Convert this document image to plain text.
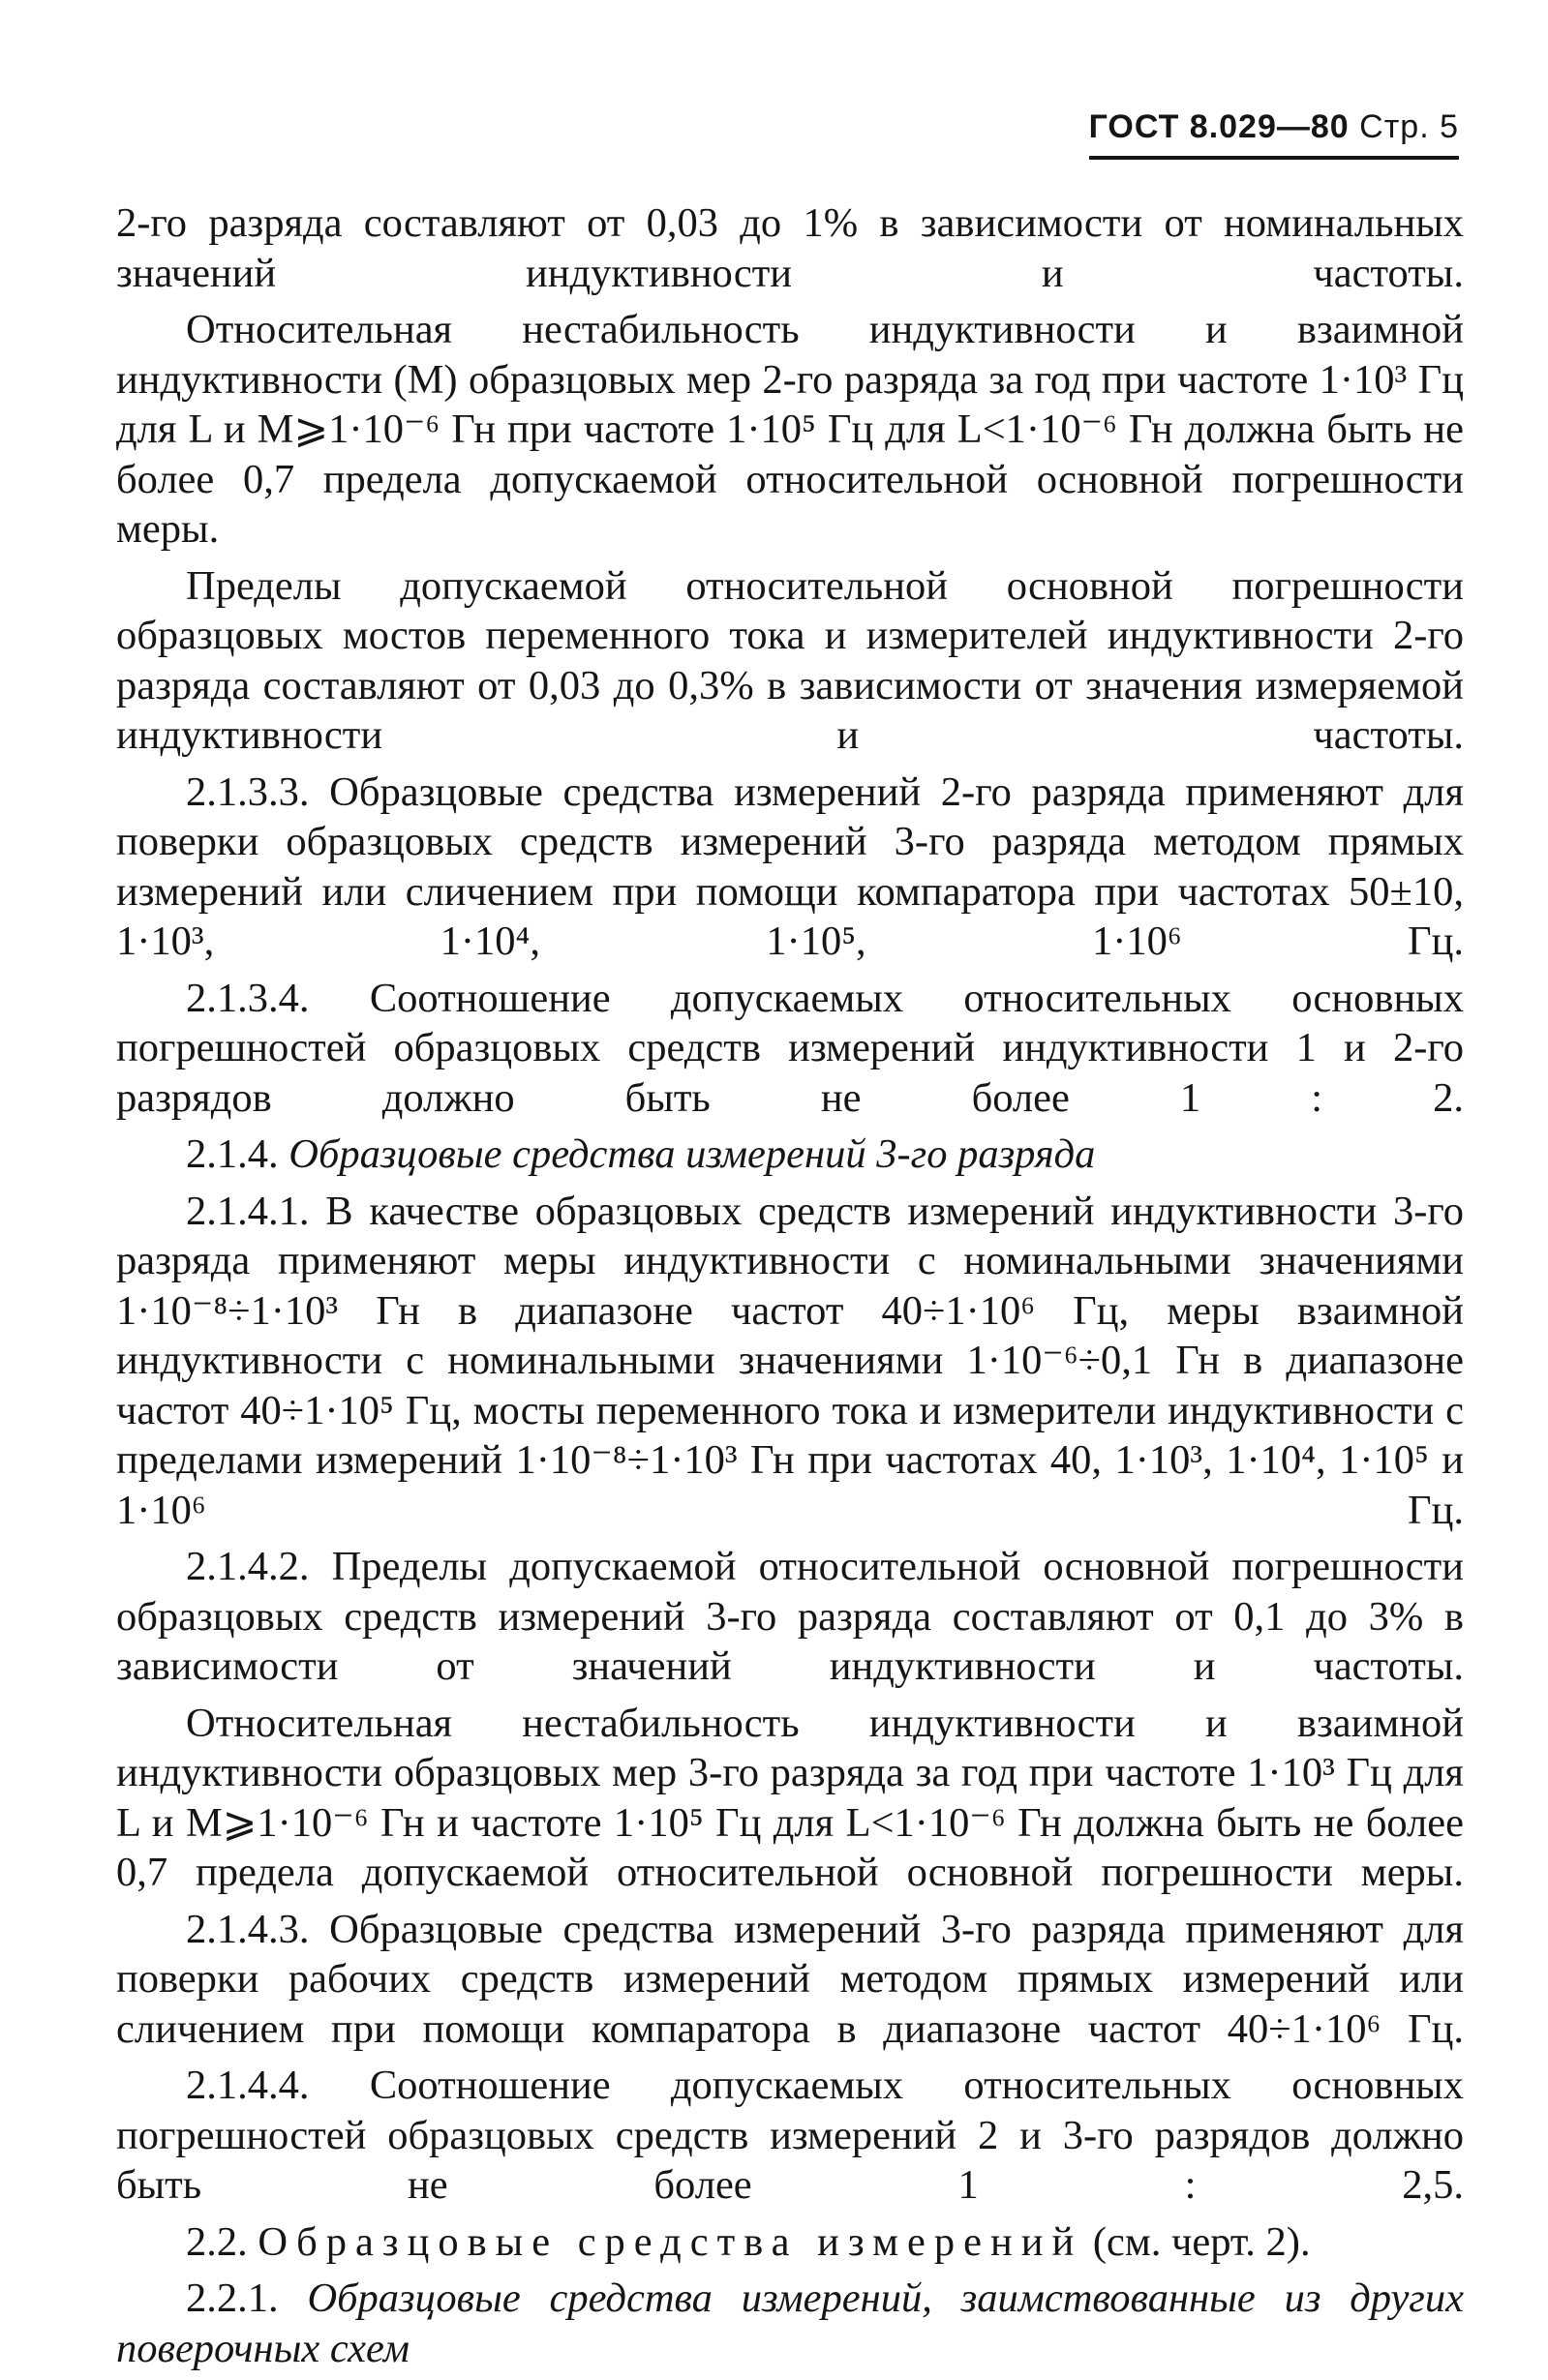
ГОСТ 8.029—80 Стр. 5

2-го разряда составляют от 0,03 до 1% в зависимости от номинальных значений индуктивности и частоты.

Относительная нестабильность индуктивности и взаимной индуктивности (М) образцовых мер 2-го разряда за год при частоте 1·10³ Гц для L и M⩾1·10⁻⁶ Гн при частоте 1·10⁵ Гц для L<1·10⁻⁶ Гн должна быть не более 0,7 предела допускаемой относительной основной погрешности меры.

Пределы допускаемой относительной основной погрешности образцовых мостов переменного тока и измерителей индуктивности 2-го разряда составляют от 0,03 до 0,3% в зависимости от значения измеряемой индуктивности и частоты.

2.1.3.3. Образцовые средства измерений 2-го разряда применяют для поверки образцовых средств измерений 3-го разряда методом прямых измерений или сличением при помощи компаратора при частотах 50±10, 1·10³, 1·10⁴, 1·10⁵, 1·10⁶ Гц.

2.1.3.4. Соотношение допускаемых относительных основных погрешностей образцовых средств измерений индуктивности 1 и 2-го разрядов должно быть не более 1 : 2.

2.1.4. Образцовые средства измерений 3-го разряда

2.1.4.1. В качестве образцовых средств измерений индуктивности 3-го разряда применяют меры индуктивности с номинальными значениями 1·10⁻⁸÷1·10³ Гн в диапазоне частот 40÷1·10⁶ Гц, меры взаимной индуктивности с номинальными значениями 1·10⁻⁶÷0,1 Гн в диапазоне частот 40÷1·10⁵ Гц, мосты переменного тока и измерители индуктивности с пределами измерений 1·10⁻⁸÷1·10³ Гн при частотах 40, 1·10³, 1·10⁴, 1·10⁵ и 1·10⁶ Гц.

2.1.4.2. Пределы допускаемой относительной основной погрешности образцовых средств измерений 3-го разряда составляют от 0,1 до 3% в зависимости от значений индуктивности и частоты.

Относительная нестабильность индуктивности и взаимной индуктивности образцовых мер 3-го разряда за год при частоте 1·10³ Гц для L и M⩾1·10⁻⁶ Гн и частоте 1·10⁵ Гц для L<1·10⁻⁶ Гн должна быть не более 0,7 предела допускаемой относительной основной погрешности меры.

2.1.4.3. Образцовые средства измерений 3-го разряда применяют для поверки рабочих средств измерений методом прямых измерений или сличением при помощи компаратора в диапазоне частот 40÷1·10⁶ Гц.

2.1.4.4. Соотношение допускаемых относительных основных погрешностей образцовых средств измерений 2 и 3-го разрядов должно быть не более 1 : 2,5.

2.2. Образцовые средства измерений (см. черт. 2).

2.2.1. Образцовые средства измерений, заимствованные из других поверочных схем
